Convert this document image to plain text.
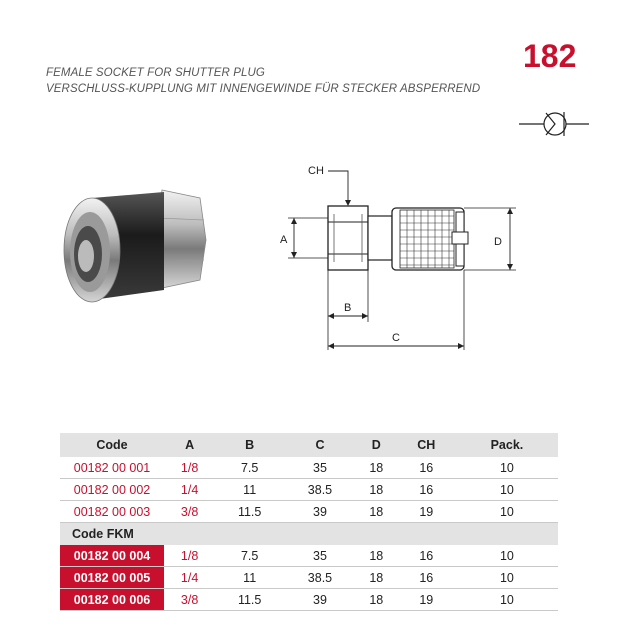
FEMALE SOCKET FOR SHUTTER PLUG
VERSCHLUSS-KUPPLUNG MIT INNENGEWINDE FÜR STECKER ABSPERREND
182
CH
A	D
B
C
Code	A	B	C	D	CH	Pack.
00182 00 001	1/8	7.5	35	18	16	10
00182 00 002	1/4	11	38.5	18	16	10
00182 00 003	3/8	11.5	39	18	19	10
Code FKM						
00182 00 004	1/8	7.5	35	18	16	10
00182 00 005	1/4	11	38.5	18	16	10
00182 00 006	3/8	11.5	39	18	19	10
